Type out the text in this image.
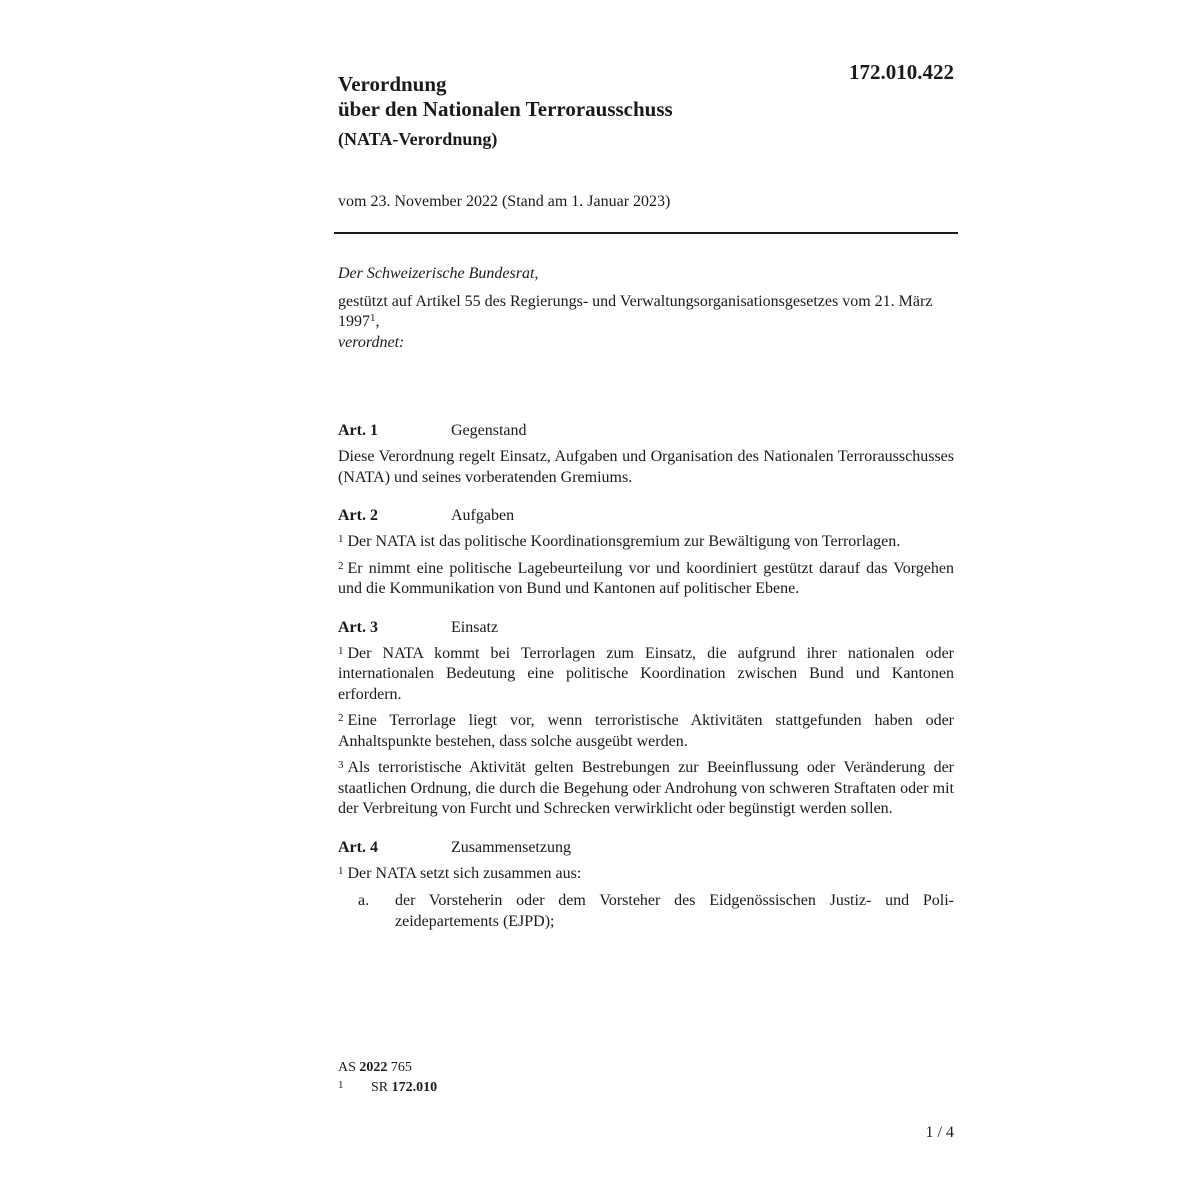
172.010.422

Verordnung
über den Nationalen Terrorausschuss

(NATA-Verordnung)

vom 23. November 2022 (Stand am 1. Januar 2023)

Der Schweizerische Bundesrat,

gestützt auf Artikel 55 des Regierungs- und Verwaltungsorganisationsgesetzes vom 21. März 1997$^1$,

verordnet:

Art. 1	Gegenstand

Diese Verordnung regelt Einsatz, Aufgaben und Organisation des Nationalen Terrorausschusses (NATA) und seines vorberatenden Gremiums.

Art. 2	Aufgaben

$^1$ Der NATA ist das politische Koordinationsgremium zur Bewältigung von Terrorlagen.

$^2$ Er nimmt eine politische Lagebeurteilung vor und koordiniert gestützt darauf das Vorgehen und die Kommunikation von Bund und Kantonen auf politischer Ebene.

Art. 3	Einsatz

$^1$ Der NATA kommt bei Terrorlagen zum Einsatz, die aufgrund ihrer nationalen oder internationalen Bedeutung eine politische Koordination zwischen Bund und Kantonen erfordern.

$^2$ Eine Terrorlage liegt vor, wenn terroristische Aktivitäten stattgefunden haben oder Anhaltspunkte bestehen, dass solche ausgeübt werden.

$^3$ Als terroristische Aktivität gelten Bestrebungen zur Beeinflussung oder Veränderung der staatlichen Ordnung, die durch die Begehung oder Androhung von schweren Straftaten oder mit der Verbreitung von Furcht und Schrecken verwirklicht oder begünstigt werden sollen.

Art. 4	Zusammensetzung

$^1$ Der NATA setzt sich zusammen aus:

a.	der Vorsteherin oder dem Vorsteher des Eidgenössischen Justiz- und Polizeidepartements (EJPD);
AS 2022 765
1	SR 172.010

1 / 4
